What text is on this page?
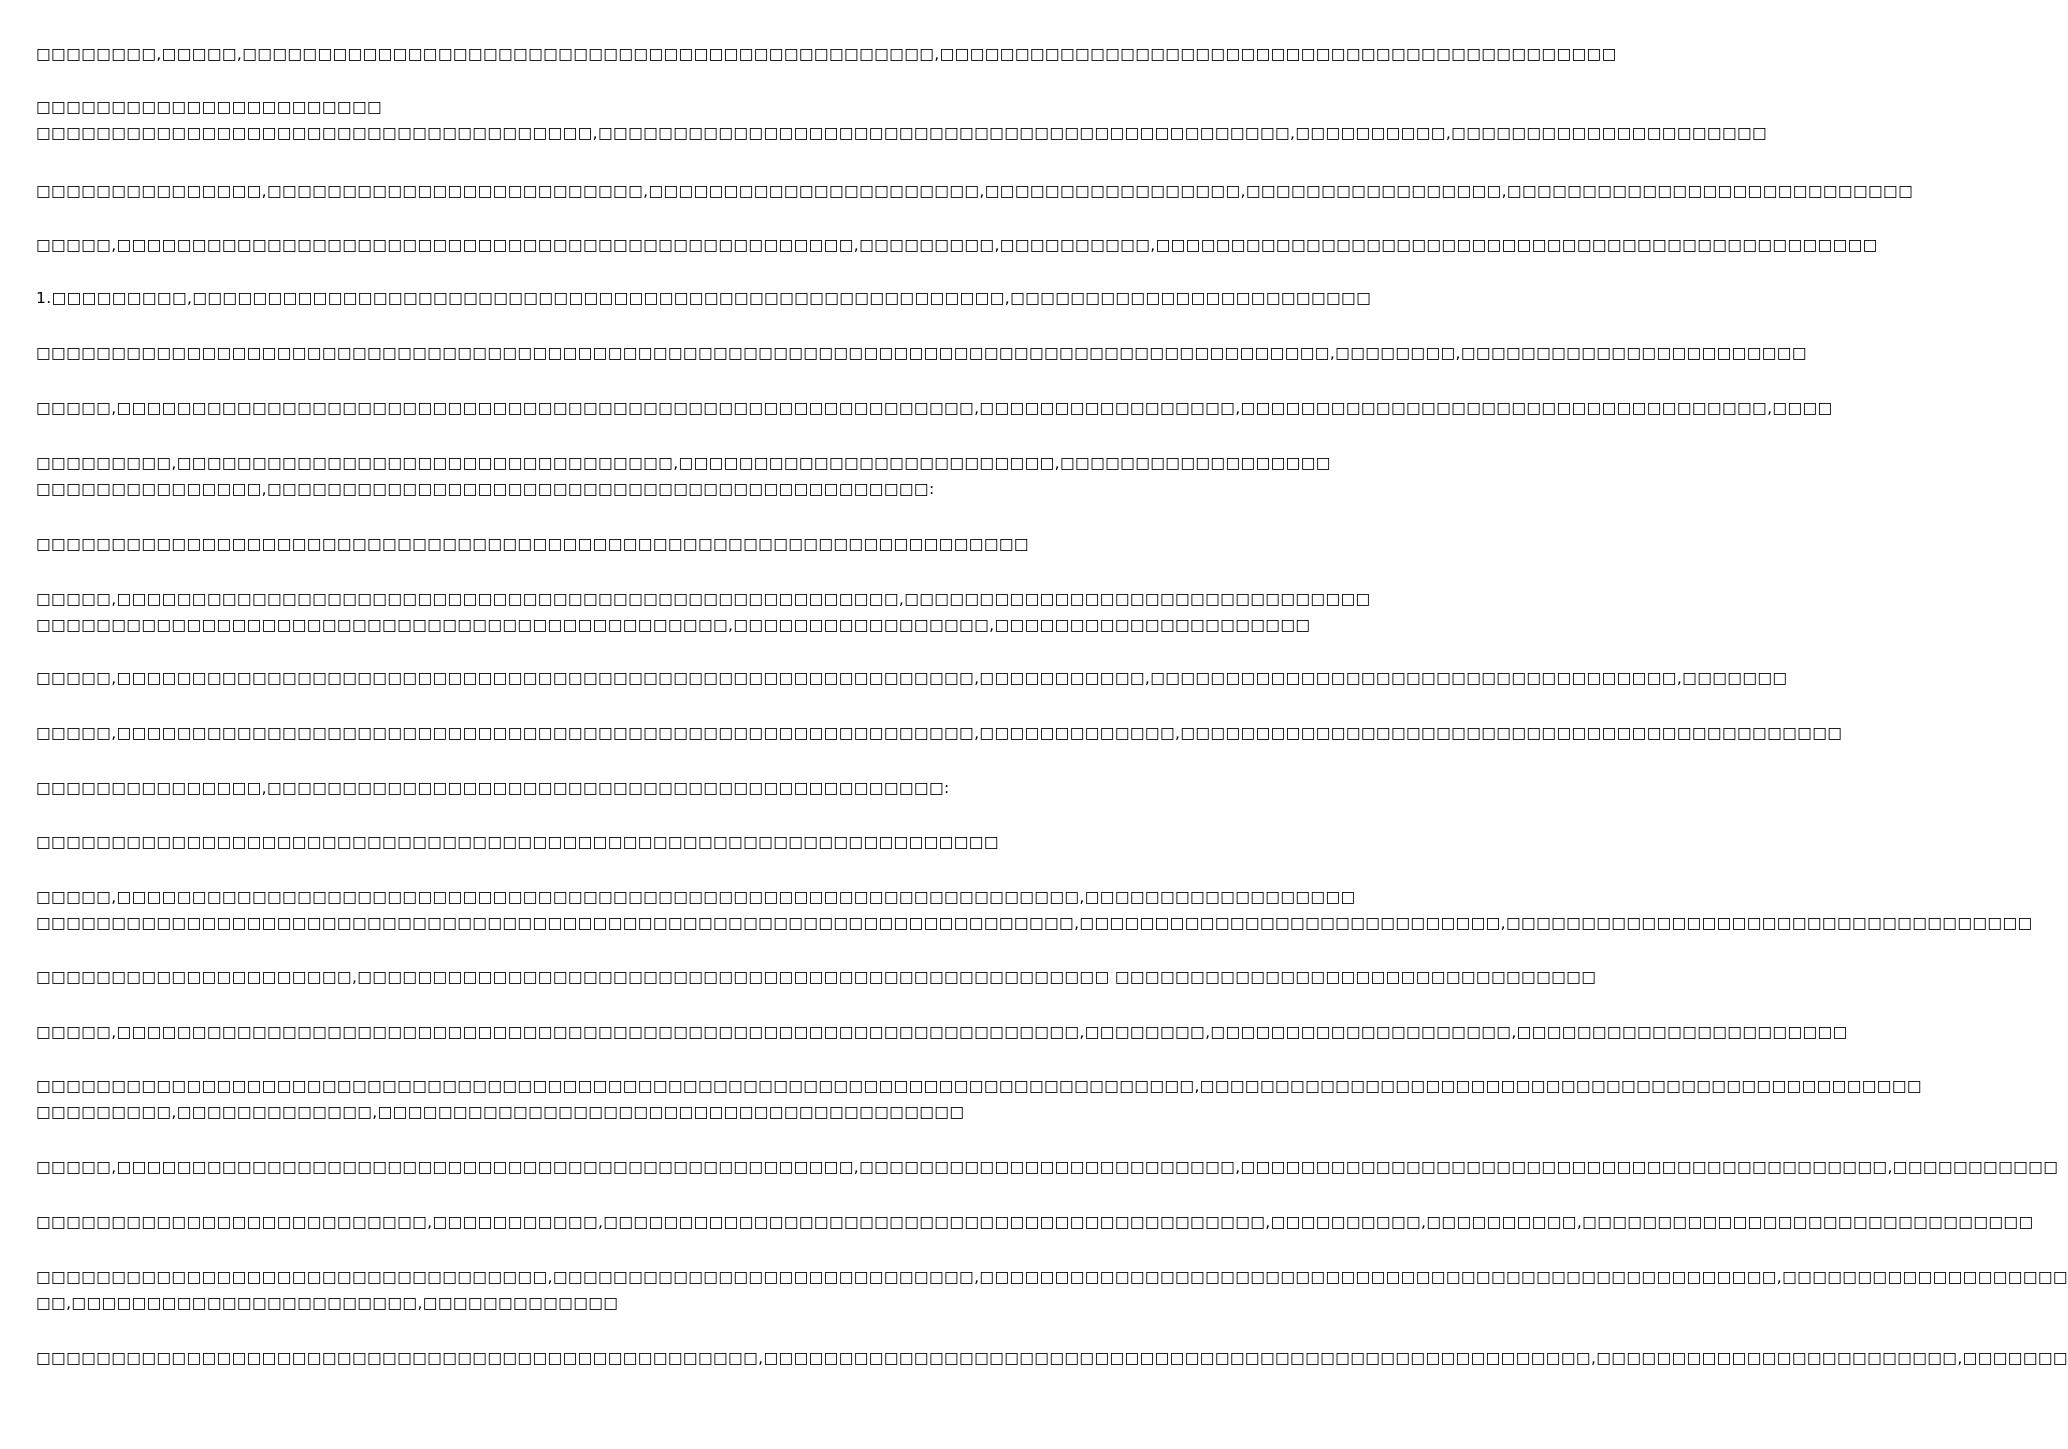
□□□□□□□□,□□□□□,□□□□□□□□□□□□□□□□□□□□□□□□□□□□□□□□□□□□□□□□□□□□□□,□□□□□□□□□□□□□□□□□□□□□□□□□□□□□□□□□□□□□□□□□□□□□

□□□□□□□□□□□□□□□□□□□□□□□
□□□□□□□□□□□□□□□□□□□□□□□□□□□□□□□□□□□□□,□□□□□□□□□□□□□□□□□□□□□□□□□□□□□□□□□□□□□□□□□□□□□□,□□□□□□□□□□,□□□□□□□□□□□□□□□□□□□□□

□□□□□□□□□□□□□□□,□□□□□□□□□□□□□□□□□□□□□□□□□,□□□□□□□□□□□□□□□□□□□□□□,□□□□□□□□□□□□□□□□□,□□□□□□□□□□□□□□□□□,□□□□□□□□□□□□□□□□□□□□□□□□□□□

□□□□□,□□□□□□□□□□□□□□□□□□□□□□□□□□□□□□□□□□□□□□□□□□□□□□□□□,□□□□□□□□□,□□□□□□□□□□,□□□□□□□□□□□□□□□□□□□□□□□□□□□□□□□□□□□□□□□□□□□□□□□□

1.□□□□□□□□□,□□□□□□□□□□□□□□□□□□□□□□□□□□□□□□□□□□□□□□□□□□□□□□□□□□□□□□,□□□□□□□□□□□□□□□□□□□□□□□□

□□□□□□□□□□□□□□□□□□□□□□□□□□□□□□□□□□□□□□□□□□□□□□□□□□□□□□□□□□□□□□□□□□□□□□□□□□□□□□□□□□□□□□,□□□□□□□□,□□□□□□□□□□□□□□□□□□□□□□□

□□□□□,□□□□□□□□□□□□□□□□□□□□□□□□□□□□□□□□□□□□□□□□□□□□□□□□□□□□□□□□□,□□□□□□□□□□□□□□□□□,□□□□□□□□□□□□□□□□□□□□□□□□□□□□□□□□□□□,□□□□

□□□□□□□□□,□□□□□□□□□□□□□□□□□□□□□□□□□□□□□□□□□,□□□□□□□□□□□□□□□□□□□□□□□□□,□□□□□□□□□□□□□□□□□□
□□□□□□□□□□□□□□□,□□□□□□□□□□□□□□□□□□□□□□□□□□□□□□□□□□□□□□□□□□□□:

□□□□□□□□□□□□□□□□□□□□□□□□□□□□□□□□□□□□□□□□□□□□□□□□□□□□□□□□□□□□□□□□□□

□□□□□,□□□□□□□□□□□□□□□□□□□□□□□□□□□□□□□□□□□□□□□□□□□□□□□□□□□□,□□□□□□□□□□□□□□□□□□□□□□□□□□□□□□□
□□□□□□□□□□□□□□□□□□□□□□□□□□□□□□□□□□□□□□□□□□□□□□,□□□□□□□□□□□□□□□□□,□□□□□□□□□□□□□□□□□□□□□

□□□□□,□□□□□□□□□□□□□□□□□□□□□□□□□□□□□□□□□□□□□□□□□□□□□□□□□□□□□□□□□,□□□□□□□□□□□,□□□□□□□□□□□□□□□□□□□□□□□□□□□□□□□□□□□,□□□□□□□

□□□□□,□□□□□□□□□□□□□□□□□□□□□□□□□□□□□□□□□□□□□□□□□□□□□□□□□□□□□□□□□,□□□□□□□□□□□□□,□□□□□□□□□□□□□□□□□□□□□□□□□□□□□□□□□□□□□□□□□□□□

□□□□□□□□□□□□□□□,□□□□□□□□□□□□□□□□□□□□□□□□□□□□□□□□□□□□□□□□□□□□□:

□□□□□□□□□□□□□□□□□□□□□□□□□□□□□□□□□□□□□□□□□□□□□□□□□□□□□□□□□□□□□□□□

□□□□□,□□□□□□□□□□□□□□□□□□□□□□□□□□□□□□□□□□□□□□□□□□□□□□□□□□□□□□□□□□□□□□□□,□□□□□□□□□□□□□□□□□□
□□□□□□□□□□□□□□□□□□□□□□□□□□□□□□□□□□□□□□□□□□□□□□□□□□□□□□□□□□□□□□□□□□□□□,□□□□□□□□□□□□□□□□□□□□□□□□□□□□,□□□□□□□□□□□□□□□□□□□□□□□□□□□□□□□□□□□

□□□□□□□□□□□□□□□□□□□□□,□□□□□□□□□□□□□□□□□□□□□□□□□□□□□□□□□□□□□□□□□□□□□□□□□□ □□□□□□□□□□□□□□□□□□□□□□□□□□□□□□□□

□□□□□,□□□□□□□□□□□□□□□□□□□□□□□□□□□□□□□□□□□□□□□□□□□□□□□□□□□□□□□□□□□□□□□□,□□□□□□□□,□□□□□□□□□□□□□□□□□□□□,□□□□□□□□□□□□□□□□□□□□□□

□□□□□□□□□□□□□□□□□□□□□□□□□□□□□□□□□□□□□□□□□□□□□□□□□□□□□□□□□□□□□□□□□□□□□□□□□□□□□,□□□□□□□□□□□□□□□□□□□□□□□□□□□□□□□□□□□□□□□□□□□□□□□□
□□□□□□□□□,□□□□□□□□□□□□□,□□□□□□□□□□□□□□□□□□□□□□□□□□□□□□□□□□□□□□□

□□□□□,□□□□□□□□□□□□□□□□□□□□□□□□□□□□□□□□□□□□□□□□□□□□□□□□□,□□□□□□□□□□□□□□□□□□□□□□□□□,□□□□□□□□□□□□□□□□□□□□□□□□□□□□□□□□□□□□□□□□□□□,□□□□□□□□□□□

□□□□□□□□□□□□□□□□□□□□□□□□□□,□□□□□□□□□□□,□□□□□□□□□□□□□□□□□□□□□□□□□□□□□□□□□□□□□□□□□□□□,□□□□□□□□□□,□□□□□□□□□□,□□□□□□□□□□□□□□□□□□□□□□□□□□□□□□

□□□□□□□□□□□□□□□□□□□□□□□□□□□□□□□□□□,□□□□□□□□□□□□□□□□□□□□□□□□□□□□,□□□□□□□□□□□□□□□□□□□□□□□□□□□□□□□□□□□□□□□□□□□□□□□□□□□□□,□□□□□□□□□□□□□□□□□□□
□□,□□□□□□□□□□□□□□□□□□□□□□□,□□□□□□□□□□□□□

□□□□□□□□□□□□□□□□□□□□□□□□□□□□□□□□□□□□□□□□□□□□□□□□,□□□□□□□□□□□□□□□□□□□□□□□□□□□□□□□□□□□□□□□□□□□□□□□□□□□□□□□,□□□□□□□□□□□□□□□□□□□□□□□□,□□□□□□□
